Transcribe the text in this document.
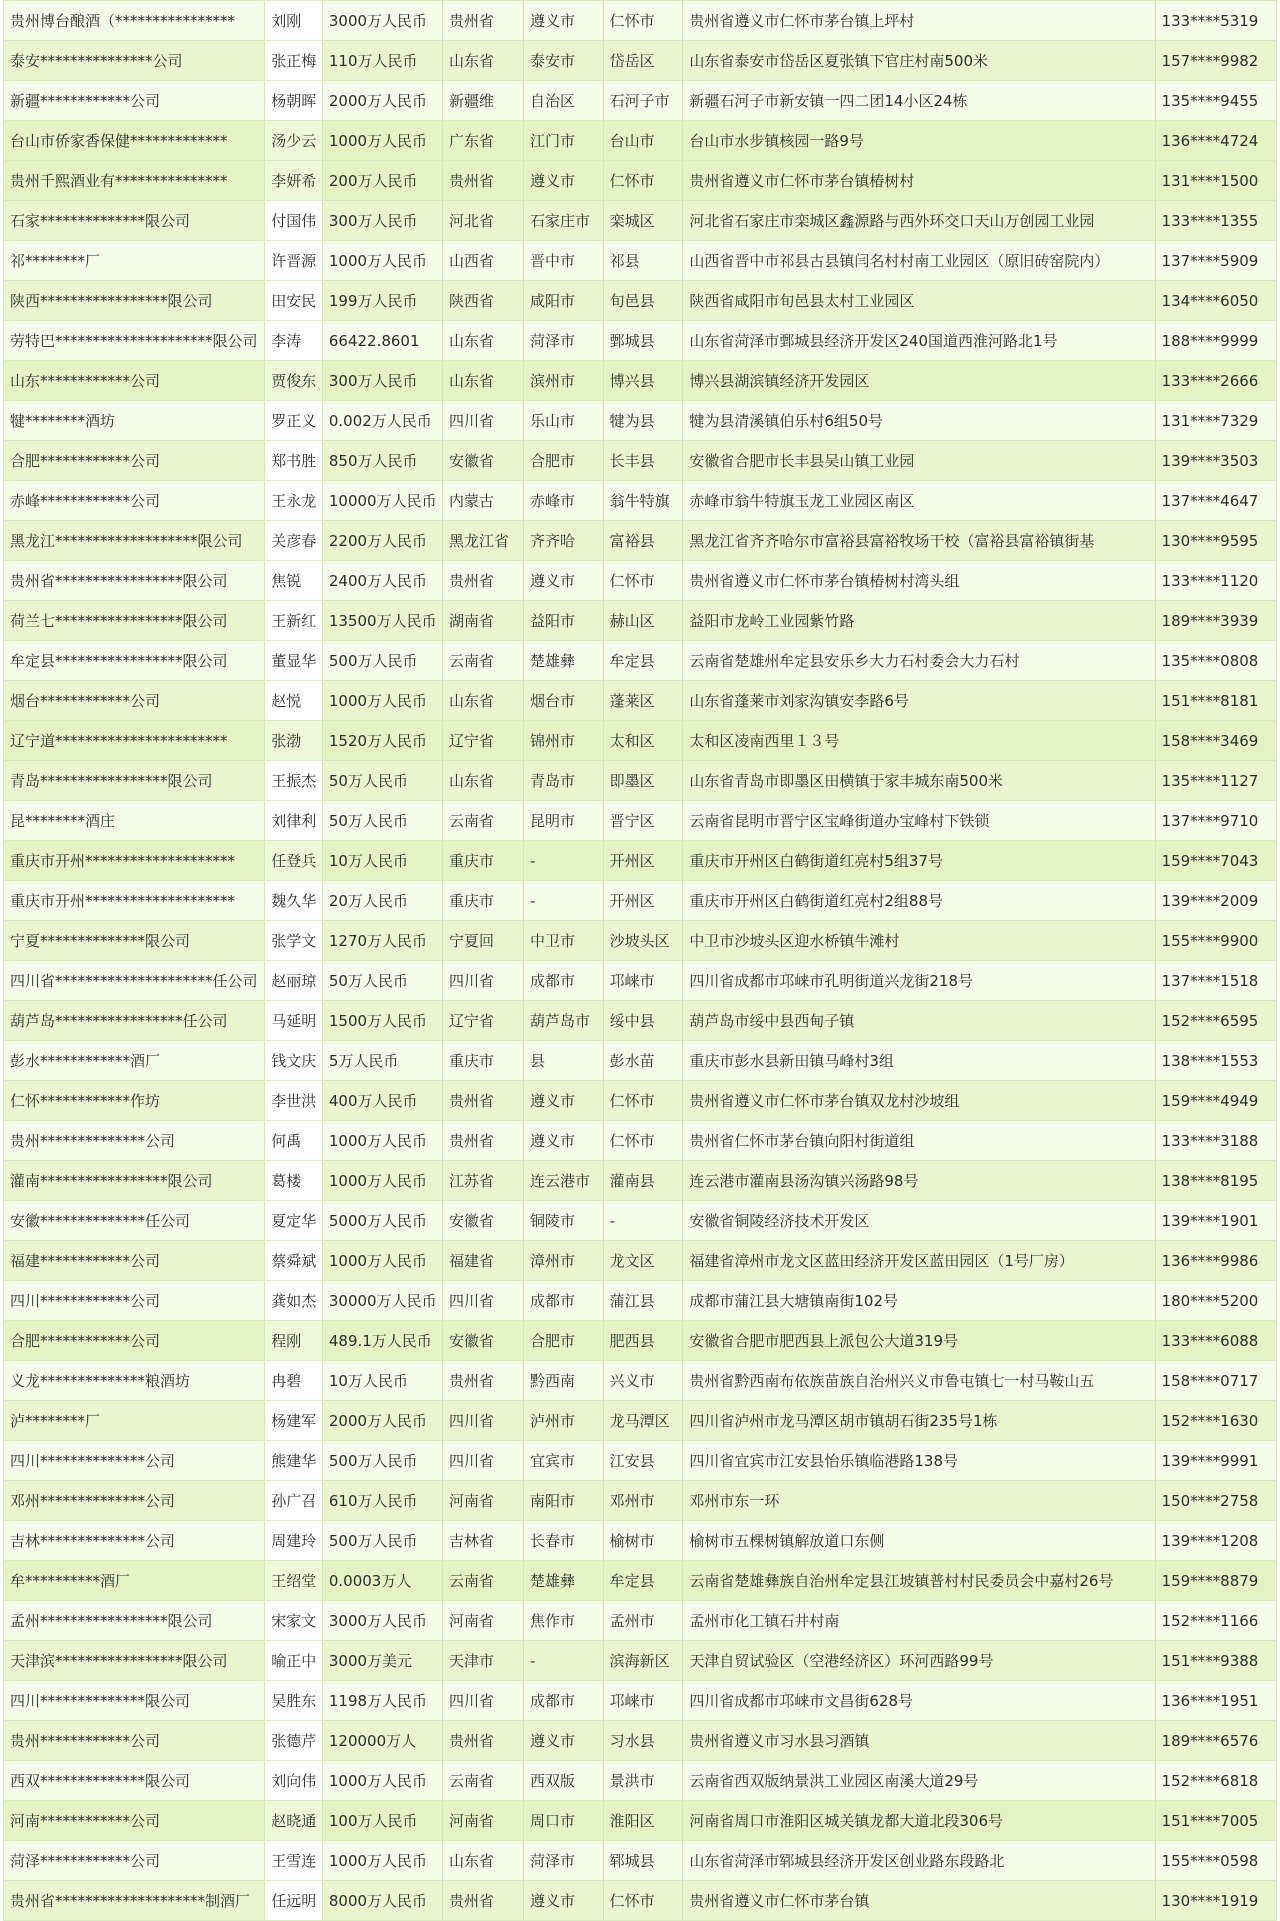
贵州博台酿酒（****************	刘刚	3000万人民币	贵州省	遵义市	仁怀市	贵州省遵义市仁怀市茅台镇上坪村	133****5319
泰安***************公司	张正梅	110万人民币	山东省	泰安市	岱岳区	山东省泰安市岱岳区夏张镇下官庄村南500米	157****9982
新疆************公司	杨朝晖	2000万人民币	新疆维	自治区	石河子市	新疆石河子市新安镇一四二团14小区24栋	135****9455
台山市侨家香保健*************	汤少云	1000万人民币	广东省	江门市	台山市	台山市水步镇核园一路9号	136****4724
贵州千熙酒业有***************	李妍希	200万人民币	贵州省	遵义市	仁怀市	贵州省遵义市仁怀市茅台镇椿树村	131****1500
石家**************限公司	付国伟	300万人民币	河北省	石家庄市	栾城区	河北省石家庄市栾城区鑫源路与西外环交口天山万创园工业园	133****1355
祁********厂	许晋源	1000万人民币	山西省	晋中市	祁县	山西省晋中市祁县古县镇闫名村村南工业园区（原旧砖窑院内）	137****5909
陕西*****************限公司	田安民	199万人民币	陕西省	咸阳市	旬邑县	陕西省咸阳市旬邑县太村工业园区	134****6050
劳特巴*********************限公司	李涛	66422.8601	山东省	菏泽市	鄄城县	山东省菏泽市鄄城县经济开发区240国道西淮河路北1号	188****9999
山东************公司	贾俊东	300万人民币	山东省	滨州市	博兴县	博兴县湖滨镇经济开发园区	133****2666
犍********酒坊	罗正义	0.002万人民币	四川省	乐山市	犍为县	犍为县清溪镇伯乐村6组50号	131****7329
合肥************公司	郑书胜	850万人民币	安徽省	合肥市	长丰县	安徽省合肥市长丰县吴山镇工业园	139****3503
赤峰************公司	王永龙	10000万人民币	内蒙古	赤峰市	翁牛特旗	赤峰市翁牛特旗玉龙工业园区南区	137****4647
黑龙江*******************限公司	关彦春	2200万人民币	黑龙江省	齐齐哈	富裕县	黑龙江省齐齐哈尔市富裕县富裕牧场干校（富裕县富裕镇街基	130****9595
贵州省*****************限公司	焦锐	2400万人民币	贵州省	遵义市	仁怀市	贵州省遵义市仁怀市茅台镇椿树村湾头组	133****1120
荷兰七*****************限公司	王新红	13500万人民币	湖南省	益阳市	赫山区	益阳市龙岭工业园紫竹路	189****3939
牟定县*****************限公司	董显华	500万人民币	云南省	楚雄彝	牟定县	云南省楚雄州牟定县安乐乡大力石村委会大力石村	135****0808
烟台************公司	赵悦	1000万人民币	山东省	烟台市	蓬莱区	山东省蓬莱市刘家沟镇安李路6号	151****8181
辽宁道***********************	张渤	1520万人民币	辽宁省	锦州市	太和区	太和区凌南西里１３号	158****3469
青岛*****************限公司	王振杰	50万人民币	山东省	青岛市	即墨区	山东省青岛市即墨区田横镇于家丰城东南500米	135****1127
昆********酒庄	刘律利	50万人民币	云南省	昆明市	晋宁区	云南省昆明市晋宁区宝峰街道办宝峰村下铁锁	137****9710
重庆市开州********************	任登兵	10万人民币	重庆市	-	开州区	重庆市开州区白鹤街道红亮村5组37号	159****7043
重庆市开州********************	魏久华	20万人民币	重庆市	-	开州区	重庆市开州区白鹤街道红亮村2组88号	139****2009
宁夏**************限公司	张学文	1270万人民币	宁夏回	中卫市	沙坡头区	中卫市沙坡头区迎水桥镇牛滩村	155****9900
四川省*********************任公司	赵丽琼	50万人民币	四川省	成都市	邛崃市	四川省成都市邛崃市孔明街道兴龙街218号	137****1518
葫芦岛*****************任公司	马延明	1500万人民币	辽宁省	葫芦岛市	绥中县	葫芦岛市绥中县西甸子镇	152****6595
彭水************酒厂	钱文庆	5万人民币	重庆市	县	彭水苗	重庆市彭水县新田镇马峰村3组	138****1553
仁怀************作坊	李世洪	400万人民币	贵州省	遵义市	仁怀市	贵州省遵义市仁怀市茅台镇双龙村沙坡组	159****4949
贵州**************公司	何禹	1000万人民币	贵州省	遵义市	仁怀市	贵州省仁怀市茅台镇向阳村街道组	133****3188
灌南*****************限公司	葛楼	1000万人民币	江苏省	连云港市	灌南县	连云港市灌南县汤沟镇兴汤路98号	138****8195
安徽**************任公司	夏定华	5000万人民币	安徽省	铜陵市	-	安徽省铜陵经济技术开发区	139****1901
福建************公司	蔡舜斌	1000万人民币	福建省	漳州市	龙文区	福建省漳州市龙文区蓝田经济开发区蓝田园区（1号厂房）	136****9986
四川************公司	龚如杰	30000万人民币	四川省	成都市	蒲江县	成都市蒲江县大塘镇南街102号	180****5200
合肥************公司	程刚	489.1万人民币	安徽省	合肥市	肥西县	安徽省合肥市肥西县上派包公大道319号	133****6088
义龙**************粮酒坊	冉碧	10万人民币	贵州省	黔西南	兴义市	贵州省黔西南布依族苗族自治州兴义市鲁屯镇七一村马鞍山五	158****0717
泸********厂	杨建军	2000万人民币	四川省	泸州市	龙马潭区	四川省泸州市龙马潭区胡市镇胡石街235号1栋	152****1630
四川**************公司	熊建华	500万人民币	四川省	宜宾市	江安县	四川省宜宾市江安县怡乐镇临港路138号	139****9991
邓州**************公司	孙广召	610万人民币	河南省	南阳市	邓州市	邓州市东一环	150****2758
吉林**************公司	周建玲	500万人民币	吉林省	长春市	榆树市	榆树市五棵树镇解放道口东侧	139****1208
牟**********酒厂	王绍堂	0.0003万人	云南省	楚雄彝	牟定县	云南省楚雄彝族自治州牟定县江坡镇普村村民委员会中嘉村26号	159****8879
孟州*****************限公司	宋家文	3000万人民币	河南省	焦作市	孟州市	孟州市化工镇石井村南	152****1166
天津滨*****************限公司	喻正中	3000万美元	天津市	-	滨海新区	天津自贸试验区（空港经济区）环河西路99号	151****9388
四川**************限公司	吴胜东	1198万人民币	四川省	成都市	邛崃市	四川省成都市邛崃市文昌街628号	136****1951
贵州************公司	张德芹	120000万人	贵州省	遵义市	习水县	贵州省遵义市习水县习酒镇	189****6576
西双**************限公司	刘向伟	1000万人民币	云南省	西双版	景洪市	云南省西双版纳景洪工业园区南溪大道29号	152****6818
河南************公司	赵晓通	100万人民币	河南省	周口市	淮阳区	河南省周口市淮阳区城关镇龙都大道北段306号	151****7005
菏泽************公司	王雪连	1000万人民币	山东省	菏泽市	郓城县	山东省菏泽市郓城县经济开发区创业路东段路北	155****0598
贵州省********************制酒厂	任远明	8000万人民币	贵州省	遵义市	仁怀市	贵州省遵义市仁怀市茅台镇	130****1919
